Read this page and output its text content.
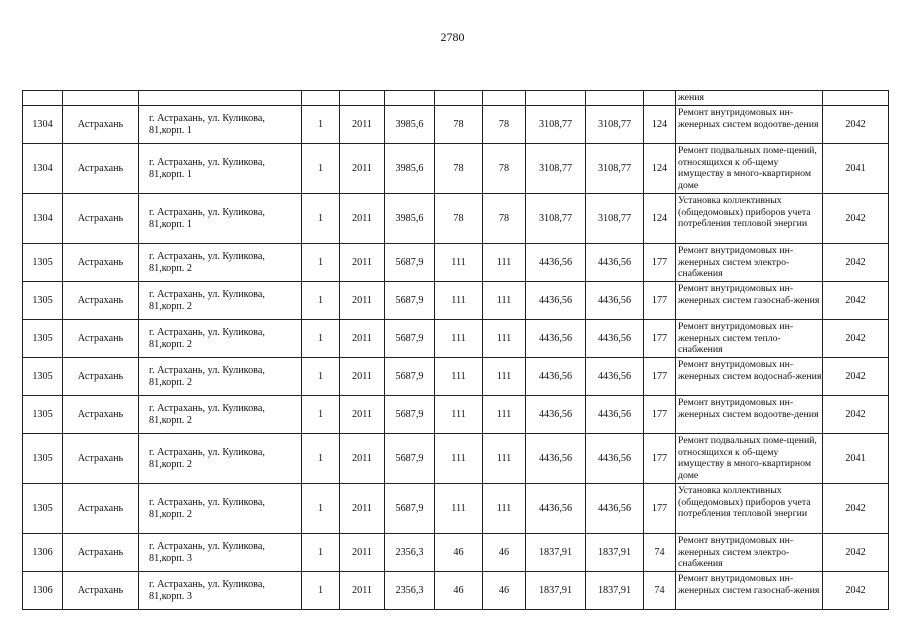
2780
											жения	
1304	Астрахань	г. Астрахань, ул. Куликова, 81,корп. 1	1	2011	3985,6	78	78	3108,77	3108,77	124	Ремонт внутридомовых ин-женерных систем водоотве-дения	2042
1304	Астрахань	г. Астрахань, ул. Куликова, 81,корп. 1	1	2011	3985,6	78	78	3108,77	3108,77	124	Ремонт подвальных поме-щений, относящихся к об-щему имуществу в много-квартирном доме	2041
1304	Астрахань	г. Астрахань, ул. Куликова, 81,корп. 1	1	2011	3985,6	78	78	3108,77	3108,77	124	Установка коллективных (общедомовых) приборов учета потребления тепловой энергии	2042
1305	Астрахань	г. Астрахань, ул. Куликова, 81,корп. 2	1	2011	5687,9	111	111	4436,56	4436,56	177	Ремонт внутридомовых ин-женерных систем электро-снабжения	2042
1305	Астрахань	г. Астрахань, ул. Куликова, 81,корп. 2	1	2011	5687,9	111	111	4436,56	4436,56	177	Ремонт внутридомовых ин-женерных систем газоснаб-жения	2042
1305	Астрахань	г. Астрахань, ул. Куликова, 81,корп. 2	1	2011	5687,9	111	111	4436,56	4436,56	177	Ремонт внутридомовых ин-женерных систем тепло-снабжения	2042
1305	Астрахань	г. Астрахань, ул. Куликова, 81,корп. 2	1	2011	5687,9	111	111	4436,56	4436,56	177	Ремонт внутридомовых ин-женерных систем водоснаб-жения	2042
1305	Астрахань	г. Астрахань, ул. Куликова, 81,корп. 2	1	2011	5687,9	111	111	4436,56	4436,56	177	Ремонт внутридомовых ин-женерных систем водоотве-дения	2042
1305	Астрахань	г. Астрахань, ул. Куликова, 81,корп. 2	1	2011	5687,9	111	111	4436,56	4436,56	177	Ремонт подвальных поме-щений, относящихся к об-щему имуществу в много-квартирном доме	2041
1305	Астрахань	г. Астрахань, ул. Куликова, 81,корп. 2	1	2011	5687,9	111	111	4436,56	4436,56	177	Установка коллективных (общедомовых) приборов учета потребления тепловой энергии	2042
1306	Астрахань	г. Астрахань, ул. Куликова, 81,корп. 3	1	2011	2356,3	46	46	1837,91	1837,91	74	Ремонт внутридомовых ин-женерных систем электро-снабжения	2042
1306	Астрахань	г. Астрахань, ул. Куликова, 81,корп. 3	1	2011	2356,3	46	46	1837,91	1837,91	74	Ремонт внутридомовых ин-женерных систем газоснаб-жения	2042
